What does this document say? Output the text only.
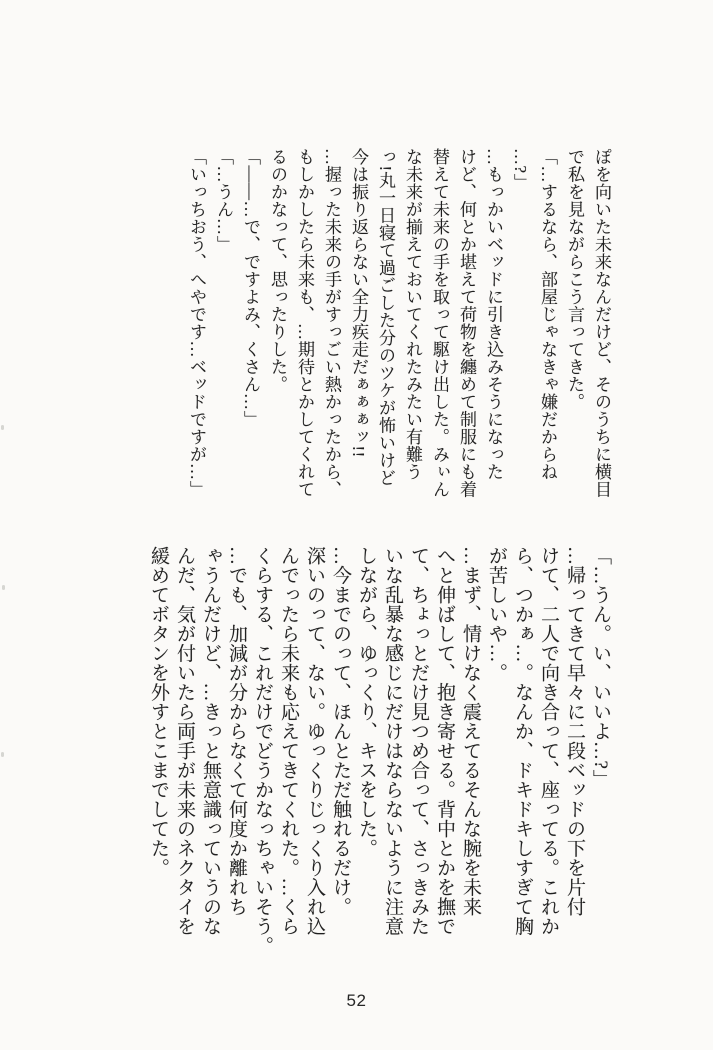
ぽを向いた未来なんだけど、そのうちに横目

で私を見ながらこう言ってきた。

「…するなら、部屋じゃなきゃ嫌だからね

…?」

…もっかいベッドに引き込みそうになった

けど、何とか堪えて荷物を纏めて制服にも着

替えて未来の手を取って駆け出した。みぃん

な未来が揃えておいてくれたみたい有難う

っ!丸一日寝て過ごした分のツケが怖いけど

今は振り返らない全力疾走だぁぁぁッ!!

…握った未来の手がすっごい熱かったから、

もしかしたら未来も、…期待とかしてくれて

るのかなって、思ったりした。

「――…で、ですよみ、くさん…」

「…うん…」

「いっちおう、へやです…ベッドですが…」

「…うん。い、いいよ…?」

…帰ってきて早々に二段ベッドの下を片付

けて、二人で向き合って、座ってる。これか

ら、つかぁ…。なんか、ドキドキしすぎて胸

が苦しいや…。

…まず、情けなく震えてるそんな腕を未来

へと伸ばして、抱き寄せる。背中とかを撫で

て、ちょっとだけ見つめ合って、さっきみた

いな乱暴な感じにだけはならないように注意

しながら、ゆっくり、キスをした。

…今までのって、ほんとただ触れるだけ。

深いのって、ない。ゆっくりじっくり入れ込

んでったら未来も応えてきてくれた。…くら

くらする、これだけでどうかなっちゃいそう。

…でも、加減が分からなくて何度か離れち

ゃうんだけど、…きっと無意識っていうのな

んだ、気が付いたら両手が未来のネクタイを

緩めてボタンを外すとこまでしてた。

52
